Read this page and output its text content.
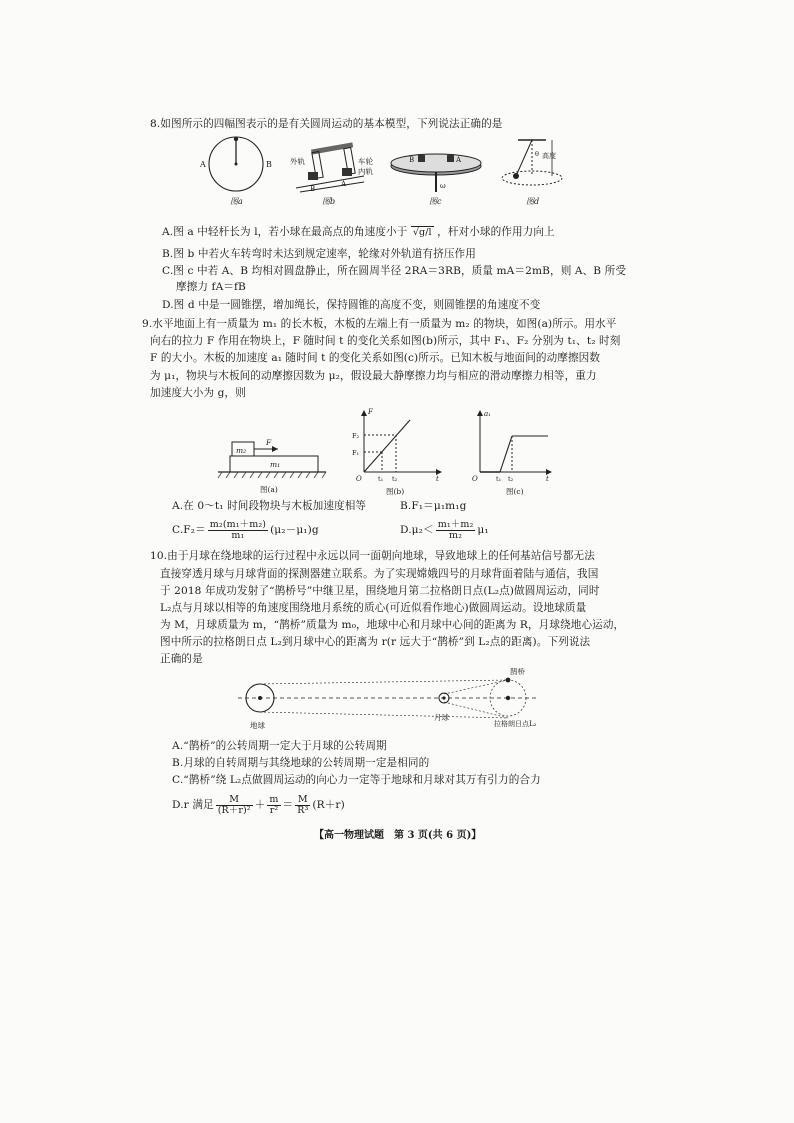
8.如图所示的四幅图表示的是有关圆周运动的基本模型，下列说法正确的是
A	B
图a
外轨	车轮
内轨
B
A
图b
B	A
ω
图c
θ 高度
图d
A.图 a 中轻杆长为 l，若小球在最高点的角速度小于 √g/l ，杆对小球的作用力向上
B.图 b 中若火车转弯时未达到规定速率，轮缘对外轨道有挤压作用
C.图 c 中若 A、B 均相对圆盘静止，所在圆周半径 2RA＝3RB，质量 mA＝2mB，则 A、B 所受
摩擦力 fA＝fB
D.图 d 中是一圆锥摆，增加绳长，保持圆锥的高度不变，则圆锥摆的角速度不变
9.水平地面上有一质量为 m₁ 的长木板，木板的左端上有一质量为 m₂ 的物块，如图(a)所示。用水平
向右的拉力 F 作用在物块上，F 随时间 t 的变化关系如图(b)所示，其中 F₁、F₂ 分别为 t₁、t₂ 时刻
F 的大小。木板的加速度 a₁ 随时间 t 的变化关系如图(c)所示。已知木板与地面间的动摩擦因数
为 μ₁，物块与木板间的动摩擦因数为 μ₂，假设最大静摩擦力均与相应的滑动摩擦力相等，重力
加速度大小为 g，则
m₂
m₁
F
图(a)
F
F₂
F₁
O	t₁ t₂	t
图(b)
a₁
O	t₁ t₂	t
图(c)
A.在 0～t₁ 时间段物块与木板加速度相等	B.F₁＝μ₁m₁g
$C.F_2= \frac{\text{m₂(m₁＋m₂)}}{\text{m₁}} (\mu_2-\mu_1)g$	$D.\mu_2< \frac{\text{m₁＋m₂}}{\text{m₂}} \mu_1$
10.由于月球在绕地球的运行过程中永远以同一面朝向地球，导致地球上的任何基站信号都无法
直接穿透月球与月球背面的探测器建立联系。为了实现嫦娥四号的月球背面着陆与通信，我国
于 2018 年成功发射了“鹊桥号”中继卫星，围绕地月第二拉格朗日点(L₂点)做圆周运动，同时
L₂点与月球以相等的角速度围绕地月系统的质心(可近似看作地心)做圆周运动。设地球质量
为 M，月球质量为 m，“鹊桥”质量为 m₀，地球中心和月球中心间的距离为 R，月球绕地心运动，
图中所示的拉格朗日点 L₂到月球中心的距离为 r(r 远大于“鹊桥”到 L₂点的距离)。下列说法
正确的是
地球
月球
鹊桥
拉格朗日点L₂
A.“鹊桥”的公转周期一定大于月球的公转周期
B.月球的自转周期与其绕地球的公转周期一定是相同的
C.“鹊桥”绕 L₂点做圆周运动的向心力一定等于地球和月球对其万有引力的合力
D.r 满足 $\frac{M}{\text{(R＋r)²}} + \frac{m}{\text{r²}} = \frac{M}{\text{R³}} (R+r)$
【高一物理试题　第 3 页(共 6 页)】
